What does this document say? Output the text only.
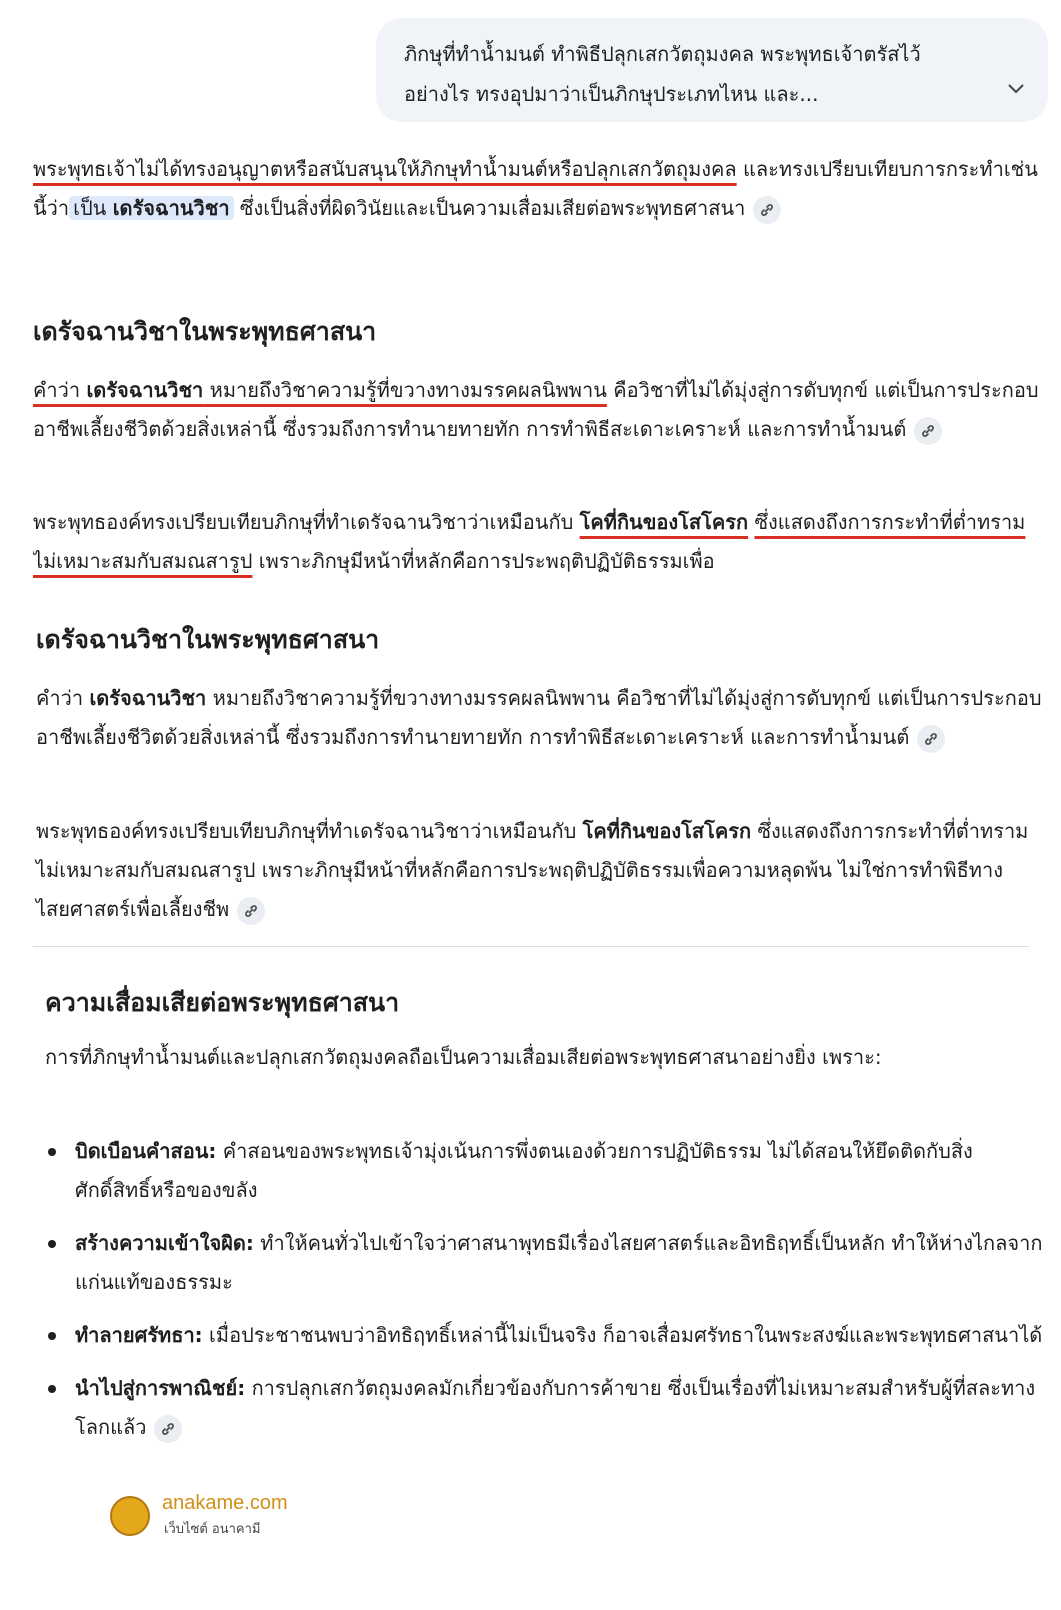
ภิกษุที่ทำน้ำมนต์ ทำพิธีปลุกเสกวัตถุมงคล พระพุทธเจ้าตรัสไว้อย่างไร ทรงอุปมาว่าเป็นภิกษุประเภทไหน และ...
พระพุทธเจ้าไม่ได้ทรงอนุญาตหรือสนับสนุนให้ภิกษุทำน้ำมนต์หรือปลุกเสกวัตถุมงคล และทรงเปรียบเทียบการกระทำเช่นนี้ว่า เป็น เดรัจฉานวิชา ซึ่งเป็นสิ่งที่ผิดวินัยและเป็นความเสื่อมเสียต่อพระพุทธศาสนา
เดรัจฉานวิชาในพระพุทธศาสนา
คำว่า เดรัจฉานวิชา หมายถึงวิชาความรู้ที่ขวางทางมรรคผลนิพพาน คือวิชาที่ไม่ได้มุ่งสู่การดับทุกข์ แต่เป็นการประกอบอาชีพเลี้ยงชีวิตด้วยสิ่งเหล่านี้ ซึ่งรวมถึงการทำนายทายทัก การทำพิธีสะเดาะเคราะห์ และการทำน้ำมนต์
พระพุทธองค์ทรงเปรียบเทียบภิกษุที่ทำเดรัจฉานวิชาว่าเหมือนกับ โคที่กินของโสโครก ซึ่งแสดงถึงการกระทำที่ต่ำทราม ไม่เหมาะสมกับสมณสารูป เพราะภิกษุมีหน้าที่หลักคือการประพฤติปฏิบัติธรรมเพื่อ
เดรัจฉานวิชาในพระพุทธศาสนา
คำว่า เดรัจฉานวิชา หมายถึงวิชาความรู้ที่ขวางทางมรรคผลนิพพาน คือวิชาที่ไม่ได้มุ่งสู่การดับทุกข์ แต่เป็นการประกอบอาชีพเลี้ยงชีวิตด้วยสิ่งเหล่านี้ ซึ่งรวมถึงการทำนายทายทัก การทำพิธีสะเดาะเคราะห์ และการทำน้ำมนต์
พระพุทธองค์ทรงเปรียบเทียบภิกษุที่ทำเดรัจฉานวิชาว่าเหมือนกับ โคที่กินของโสโครก ซึ่งแสดงถึงการกระทำที่ต่ำทราม ไม่เหมาะสมกับสมณสารูป เพราะภิกษุมีหน้าที่หลักคือการประพฤติปฏิบัติธรรมเพื่อความหลุดพ้น ไม่ใช่การทำพิธีทางไสยศาสตร์เพื่อเลี้ยงชีพ
ความเสื่อมเสียต่อพระพุทธศาสนา
การที่ภิกษุทำน้ำมนต์และปลุกเสกวัตถุมงคลถือเป็นความเสื่อมเสียต่อพระพุทธศาสนาอย่างยิ่ง เพราะ:
บิดเบือนคำสอน: คำสอนของพระพุทธเจ้ามุ่งเน้นการพึ่งตนเองด้วยการปฏิบัติธรรม ไม่ได้สอนให้ยึดติดกับสิ่งศักดิ์สิทธิ์หรือของขลัง
สร้างความเข้าใจผิด: ทำให้คนทั่วไปเข้าใจว่าศาสนาพุทธมีเรื่องไสยศาสตร์และอิทธิฤทธิ์เป็นหลัก ทำให้ห่างไกลจากแก่นแท้ของธรรมะ
ทำลายศรัทธา: เมื่อประชาชนพบว่าอิทธิฤทธิ์เหล่านี้ไม่เป็นจริง ก็อาจเสื่อมศรัทธาในพระสงฆ์และพระพุทธศาสนาได้
นำไปสู่การพาณิชย์: การปลุกเสกวัตถุมงคลมักเกี่ยวข้องกับการค้าขาย ซึ่งเป็นเรื่องที่ไม่เหมาะสมสำหรับผู้ที่สละทางโลกแล้ว
anakame.com
เว็บไซต์ อนาคามี
